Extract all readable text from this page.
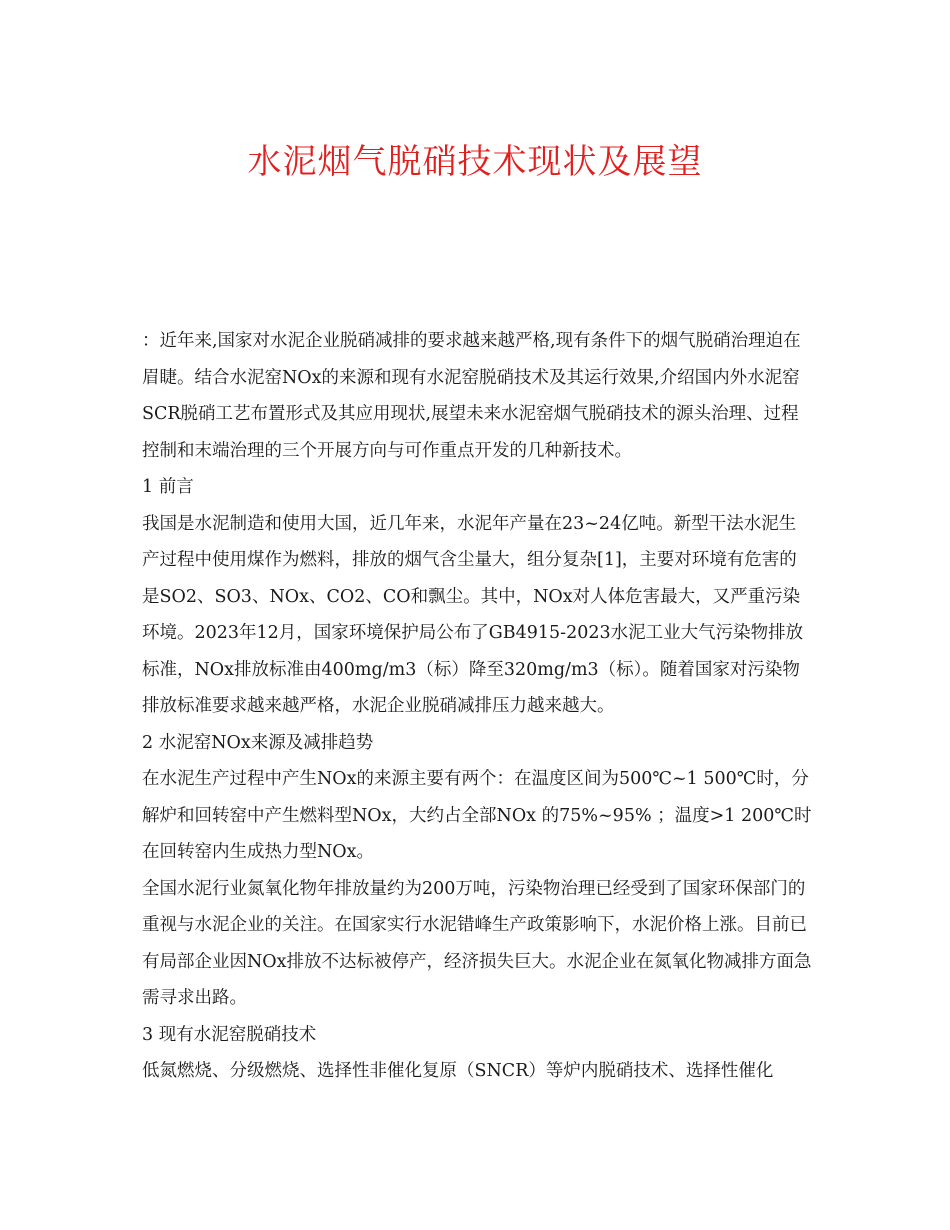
水泥烟气脱硝技术现状及展望

：近年来,国家对水泥企业脱硝减排的要求越来越严格,现有条件下的烟气脱硝治理迫在眉睫。结合水泥窑NOx的来源和现有水泥窑脱硝技术及其运行效果,介绍国内外水泥窑SCR脱硝工艺布置形式及其应用现状,展望未来水泥窑烟气脱硝技术的源头治理、过程控制和末端治理的三个开展方向与可作重点开发的几种新技术。

1 前言

我国是水泥制造和使用大国，近几年来，水泥年产量在23~24亿吨。新型干法水泥生产过程中使用煤作为燃料，排放的烟气含尘量大，组分复杂[1]，主要对环境有危害的是SO2、SO3、NOx、CO2、CO和飘尘。其中，NOx对人体危害最大，又严重污染环境。2023年12月，国家环境保护局公布了GB4915-2023水泥工业大气污染物排放标准，NOx排放标准由400mg/m3（标）降至320mg/m3（标）。随着国家对污染物排放标准要求越来越严格，水泥企业脱硝减排压力越来越大。

2 水泥窑NOx来源及减排趋势

在水泥生产过程中产生NOx的来源主要有两个：在温度区间为500℃~1 500℃时，分解炉和回转窑中产生燃料型NOx，大约占全部NOx 的75%~95% ；温度>1 200℃时在回转窑内生成热力型NOx。

全国水泥行业氮氧化物年排放量约为200万吨，污染物治理已经受到了国家环保部门的重视与水泥企业的关注。在国家实行水泥错峰生产政策影响下，水泥价格上涨。目前已有局部企业因NOx排放不达标被停产，经济损失巨大。水泥企业在氮氧化物减排方面急需寻求出路。

3 现有水泥窑脱硝技术

低氮燃烧、分级燃烧、选择性非催化复原（SNCR）等炉内脱硝技术、选择性催化
